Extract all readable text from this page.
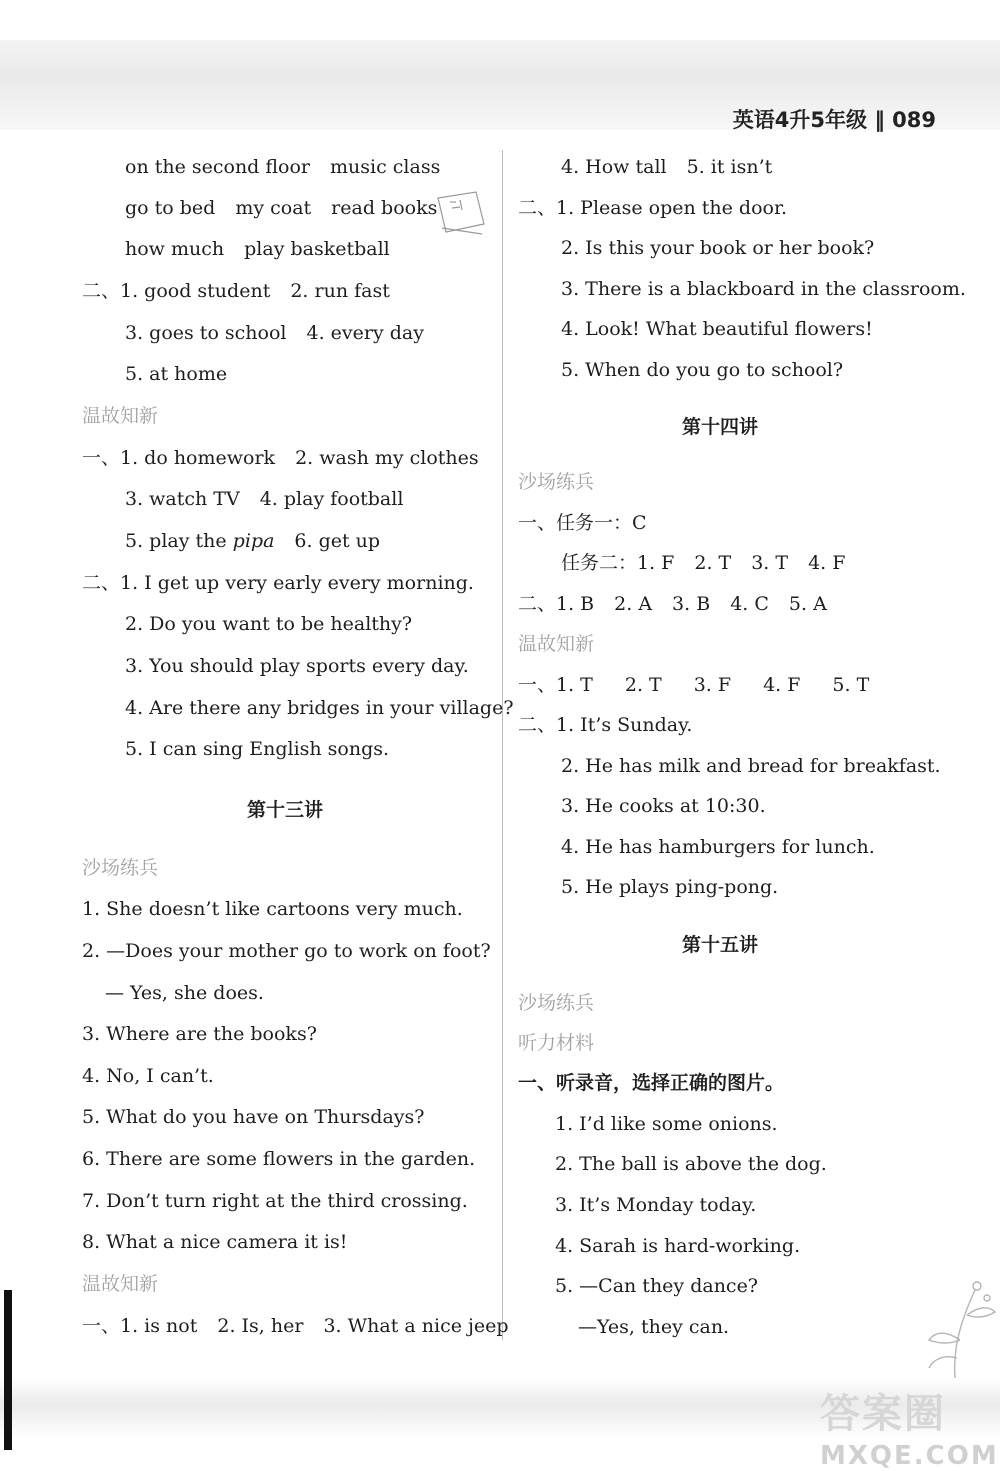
英语4升5年级 ‖ 089
on the second floor music class
go to bed my coat read books
how much play basketball
二、1. good student 2. run fast
3. goes to school 4. every day
5. at home
温故知新
一、1. do homework 2. wash my clothes
3. watch TV 4. play football
5. play the pipa 6. get up
二、1. I get up very early every morning.
2. Do you want to be healthy?
3. You should play sports every day.
4. Are there any bridges in your village?
5. I can sing English songs.
第十三讲
沙场练兵
1. She doesn’t like cartoons very much.
2. —Does your mother go to work on foot?
— Yes, she does.
3. Where are the books?
4. No, I can’t.
5. What do you have on Thursdays?
6. There are some flowers in the garden.
7. Don’t turn right at the third crossing.
8. What a nice camera it is!
温故知新
一、1. is not 2. Is, her 3. What a nice jeep
4. How tall 5. it isn’t
二、1. Please open the door.
2. Is this your book or her book?
3. There is a blackboard in the classroom.
4. Look! What beautiful flowers!
5. When do you go to school?
第十四讲
沙场练兵
一、任务一：C
任务二：1. F 2. T 3. T 4. F
二、1. B 2. A 3. B 4. C 5. A
温故知新
一、1. T 2. T 3. F 4. F 5. T
二、1. It’s Sunday.
2. He has milk and bread for breakfast.
3. He cooks at 10:30.
4. He has hamburgers for lunch.
5. He plays ping-pong.
第十五讲
沙场练兵
听力材料
一、听录音，选择正确的图片。
1. I’d like some onions.
2. The ball is above the dog.
3. It’s Monday today.
4. Sarah is hard-working.
5. —Can they dance?
—Yes, they can.
答案圈
MXQE.COM
